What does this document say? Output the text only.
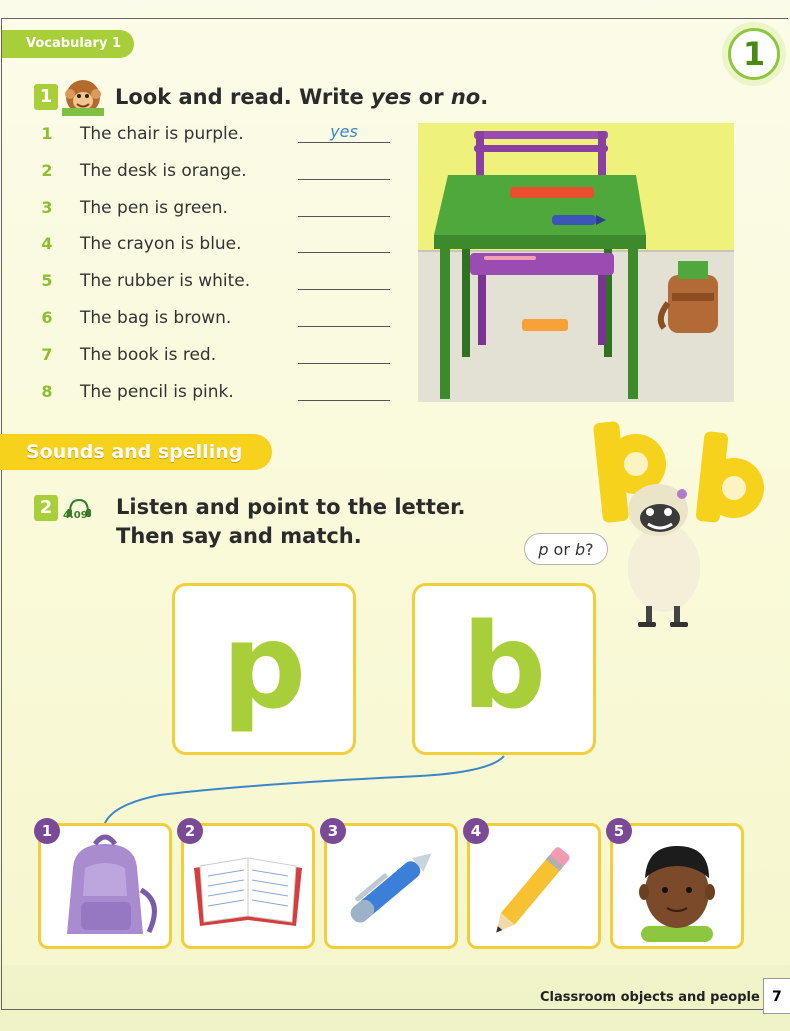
Vocabulary 1	1
1	Look and read. Write yes or no.
1	The chair is purple.	yes
2	The desk is orange.
3	The pen is green.
4	The crayon is blue.
5	The rubber is white.
6	The bag is brown.
7	The book is red.
8	The pencil is pink.
Sounds and spelling
2	4.09 Listen and point to the letter.
Then say and match.
p or b?
p	b
1	2	3	4	5
Classroom objects and people 7
